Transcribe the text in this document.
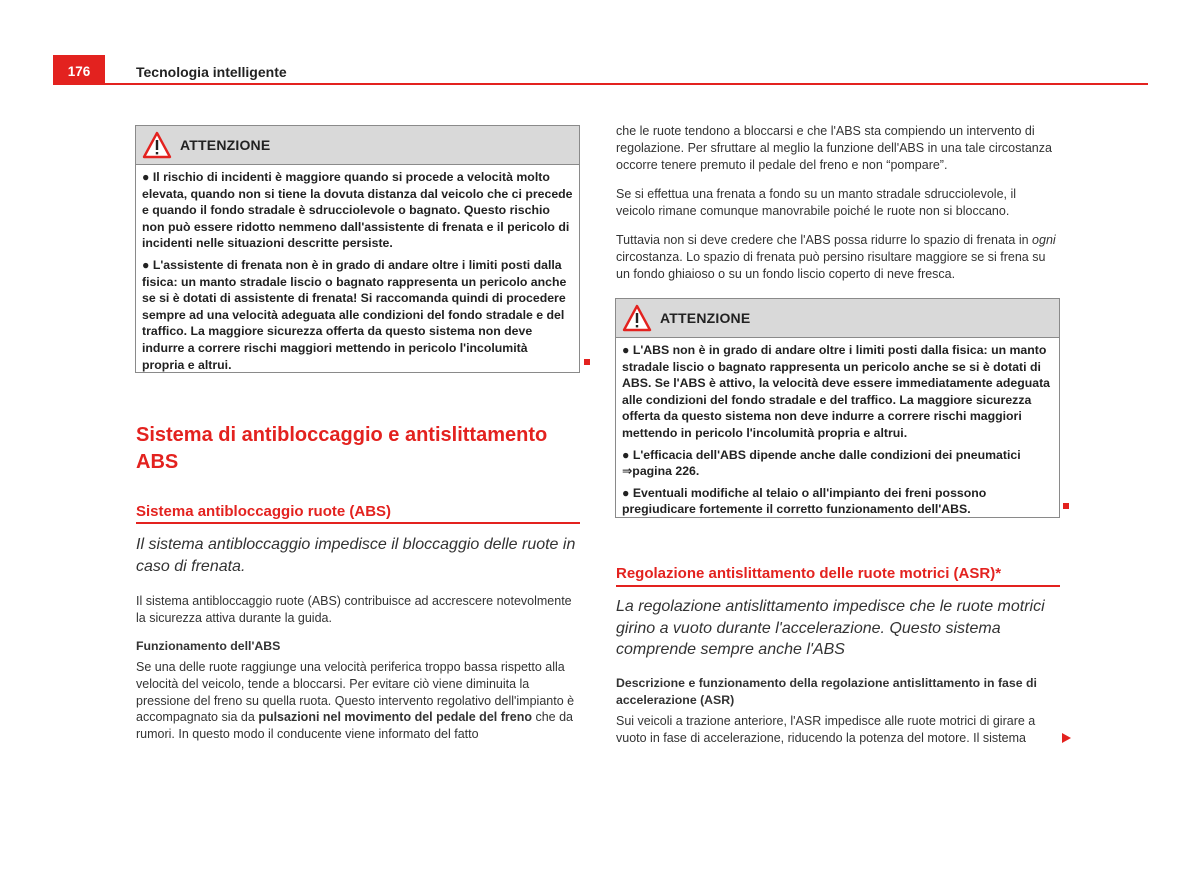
176	Tecnologia intelligente
ATTENZIONE

● Il rischio di incidenti è maggiore quando si procede a velocità molto elevata, quando non si tiene la dovuta distanza dal veicolo che ci precede e quando il fondo stradale è sdrucciolevole o bagnato. Questo rischio non può essere ridotto nemmeno dall'assistente di frenata e il pericolo di incidenti nelle situazioni descritte persiste.

● L'assistente di frenata non è in grado di andare oltre i limiti posti dalla fisica: un manto stradale liscio o bagnato rappresenta un pericolo anche se si è dotati di assistente di frenata! Si raccomanda quindi di procedere sempre ad una velocità adeguata alle condizioni del fondo stradale e del traffico. La maggiore sicurezza offerta da questo sistema non deve indurre a correre rischi maggiori mettendo in pericolo l'incolumità propria e altrui.

Sistema di antibloccaggio e antislittamento ABS
Sistema antibloccaggio ruote (ABS)
Il sistema antibloccaggio impedisce il bloccaggio delle ruote in caso di frenata.

Il sistema antibloccaggio ruote (ABS) contribuisce ad accrescere notevolmente la sicurezza attiva durante la guida.

Funzionamento dell'ABS

Se una delle ruote raggiunge una velocità periferica troppo bassa rispetto alla velocità del veicolo, tende a bloccarsi. Per evitare ciò viene diminuita la pressione del freno su quella ruota. Questo intervento regolativo dell'impianto è accompagnato sia da pulsazioni nel movimento del pedale del freno che da rumori. In questo modo il conducente viene informato del fatto

che le ruote tendono a bloccarsi e che l'ABS sta compiendo un intervento di regolazione. Per sfruttare al meglio la funzione dell'ABS in una tale circostanza occorre tenere premuto il pedale del freno e non “pompare”.

Se si effettua una frenata a fondo su un manto stradale sdrucciolevole, il veicolo rimane comunque manovrabile poiché le ruote non si bloccano.

Tuttavia non si deve credere che l'ABS possa ridurre lo spazio di frenata in ogni circostanza. Lo spazio di frenata può persino risultare maggiore se si frena su un fondo ghiaioso o su un fondo liscio coperto di neve fresca.

ATTENZIONE

● L'ABS non è in grado di andare oltre i limiti posti dalla fisica: un manto stradale liscio o bagnato rappresenta un pericolo anche se si è dotati di ABS. Se l'ABS è attivo, la velocità deve essere immediatamente adeguata alle condizioni del fondo stradale e del traffico. La maggiore sicurezza offerta da questo sistema non deve indurre a correre rischi maggiori mettendo in pericolo l'incolumità propria e altrui.

● L'efficacia dell'ABS dipende anche dalle condizioni dei pneumatici ⇒pagina 226.

● Eventuali modifiche al telaio o all'impianto dei freni possono pregiudicare fortemente il corretto funzionamento dell'ABS.

Regolazione antislittamento delle ruote motrici (ASR)*
La regolazione antislittamento impedisce che le ruote motrici girino a vuoto durante l'accelerazione. Questo sistema comprende sempre anche l'ABS
Descrizione e funzionamento della regolazione antislittamento in fase di accelerazione (ASR)

Sui veicoli a trazione anteriore, l'ASR impedisce alle ruote motrici di girare a vuoto in fase di accelerazione, riducendo la potenza del motore. Il sistema
